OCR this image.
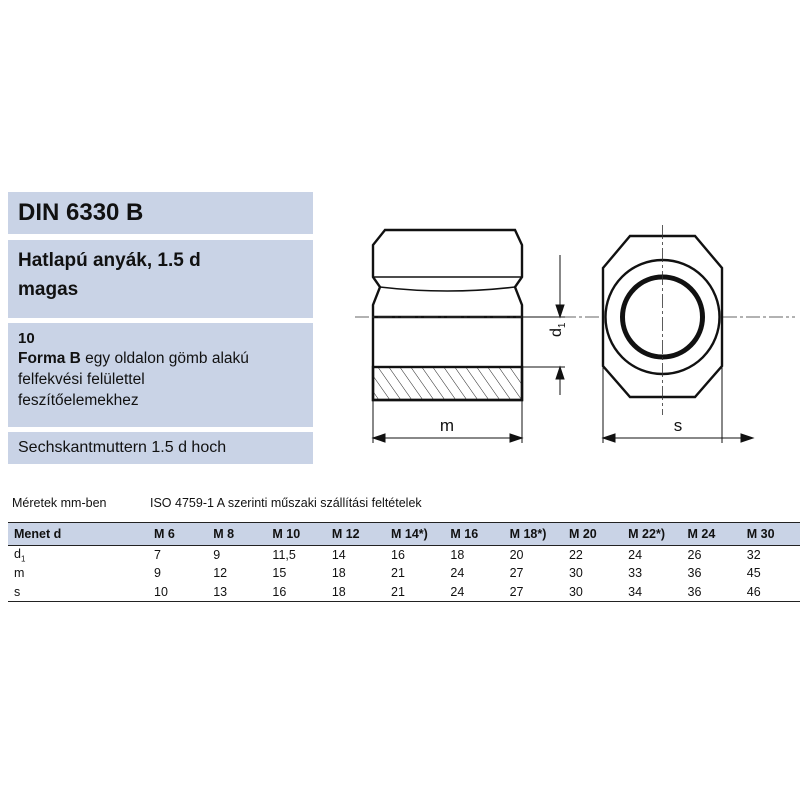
DIN 6330 B
Hatlapú anyák, 1.5 d
magas
10
Forma B egy oldalon gömb alakú
felfekvési felülettel
feszítőelemekhez
Sechskantmuttern 1.5 d hoch
$d_1$
m	s
Méretek mm-ben	ISO 4759-1 A szerinti műszaki szállítási feltételek
Menet d	M 6	M 8	M 10	M 12	M 14*)	M 16	M 18*)	M 20	M 22*)	M 24	M 30
$d_1$	7	9	11,5	14	16	18	20	22	24	26	32
m	9	12	15	18	21	24	27	30	33	36	45
s	10	13	16	18	21	24	27	30	34	36	46
